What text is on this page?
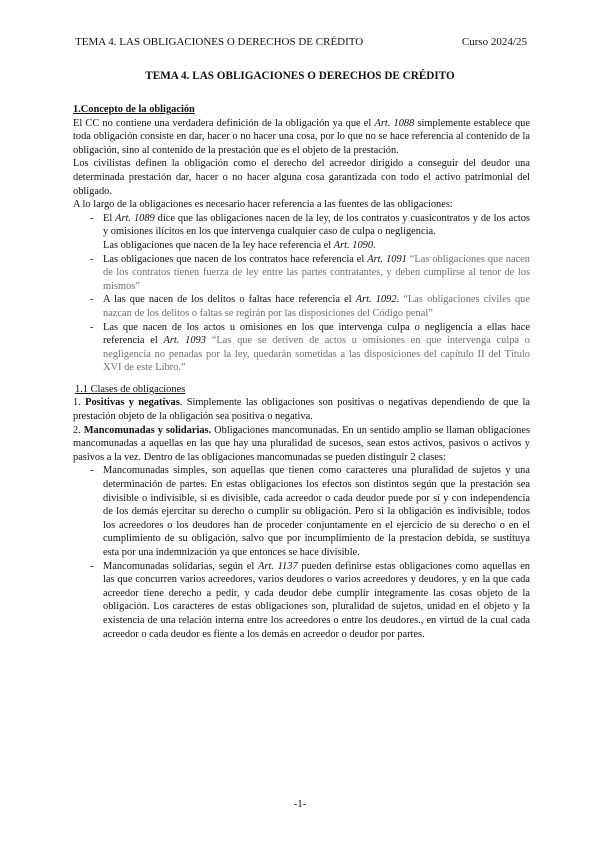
TEMA 4. LAS OBLIGACIONES O DERECHOS DE CRÉDITO	Curso 2024/25
TEMA 4. LAS OBLIGACIONES O DERECHOS DE CRÉDITO

1.Concepto de la obligación

El CC no contiene una verdadera definición de la obligación ya que el Art. 1088 simplemente establece que toda obligación consiste en dar, hacer o no hacer una cosa, por lo que no se hace referencia al contenido de la obligación, sino al contenido de la prestación que es el objeto de la prestación.

Los civilistas definen la obligación como el derecho del acreedor dirigido a conseguir del deudor una determinada prestación dar, hacer o no hacer alguna cosa garantizada con todo el activo patrimonial del obligado.

A lo largo de la obligaciones es necesario hacer referencia a las fuentes de las obligaciones:

- El Art. 1089 dice que las obligaciones nacen de la ley, de los contratos y cuasicontratos y de los actos y omisiones ilícitos en los que intervenga cualquier caso de culpa o negligencia.
Las obligaciones que nacen de la ley hace referencia el Art. 1090.
- Las obligaciones que nacen de los contratos hace referencia el Art. 1091 “Las obligaciones que nacen de los contratos tienen fuerza de ley entre las partes contratantes, y deben cumplirse al tenor de los mismos”
- A las que nacen de los delitos o faltas hace referencia el Art. 1092. “Las obligaciones civiles que nazcan de los delitos o faltas se regirán por las disposiciones del Código penal”
- Las que nacen de los actos u omisiones en los que intervenga culpa o negligencia a ellas hace referencia el Art. 1093 “Las que se deriven de actos u omisiones en que intervenga culpa o negligencia no penadas por la ley, quedarán sometidas a las disposiciones del capítulo II del Título XVI de este Libro.”

1.1 Clases de obligaciones

1. Positivas y negativas. Simplemente las obligaciones son positivas o negativas dependiendo de que la prestación objeto de la obligación sea positiva o negativa.

2. Mancomunadas y solidarias. Obligaciones mancomunadas. En un sentido amplio se llaman obligaciones mancomunadas a aquellas en las que hay una pluralidad de sucesos, sean estos activos, pasivos o activos y pasivos a la vez. Dentro de las obligaciones mancomunadas se pueden distinguir 2 clases:

- Mancomunadas simples, son aquellas que tienen como caracteres una pluralidad de sujetos y una determinación de partes. En estas obligaciones los efectos son distintos según que la prestación sea divisible o indivisible, si es divisible, cada acreedor o cada deudor puede por sí y con independencia de los demás ejercitar su derecho o cumplir su obligación. Pero si la obligación es indivisible, todos los acreedores o los deudores han de proceder conjuntamente en el ejercicio de su derecho o en el cumplimiento de su obligación, salvo que por incumplimiento de la prestacion debida, se sustituya esta por una indemnización ya que entonces se hace divisible.
- Mancomunadas solidarias, según el Art. 1137 pueden definirse estas obligaciones como aquellas en las que concurren varios acreedores, varios deudores o varios acreedores y deudores, y en la que cada acreedor tiene derecho a pedir, y cada deudor debe cumplir íntegramente las cosas objeto de la obligación. Los caracteres de estas obligaciones son, pluralidad de sujetos, unidad en el objeto y la existencia de una relación interna entre los acreedores o entre los deudores., en virtud de la cual cada acreedor o cada deudor es fiente a los demás en acreedor o deudor por partes.
-1-
